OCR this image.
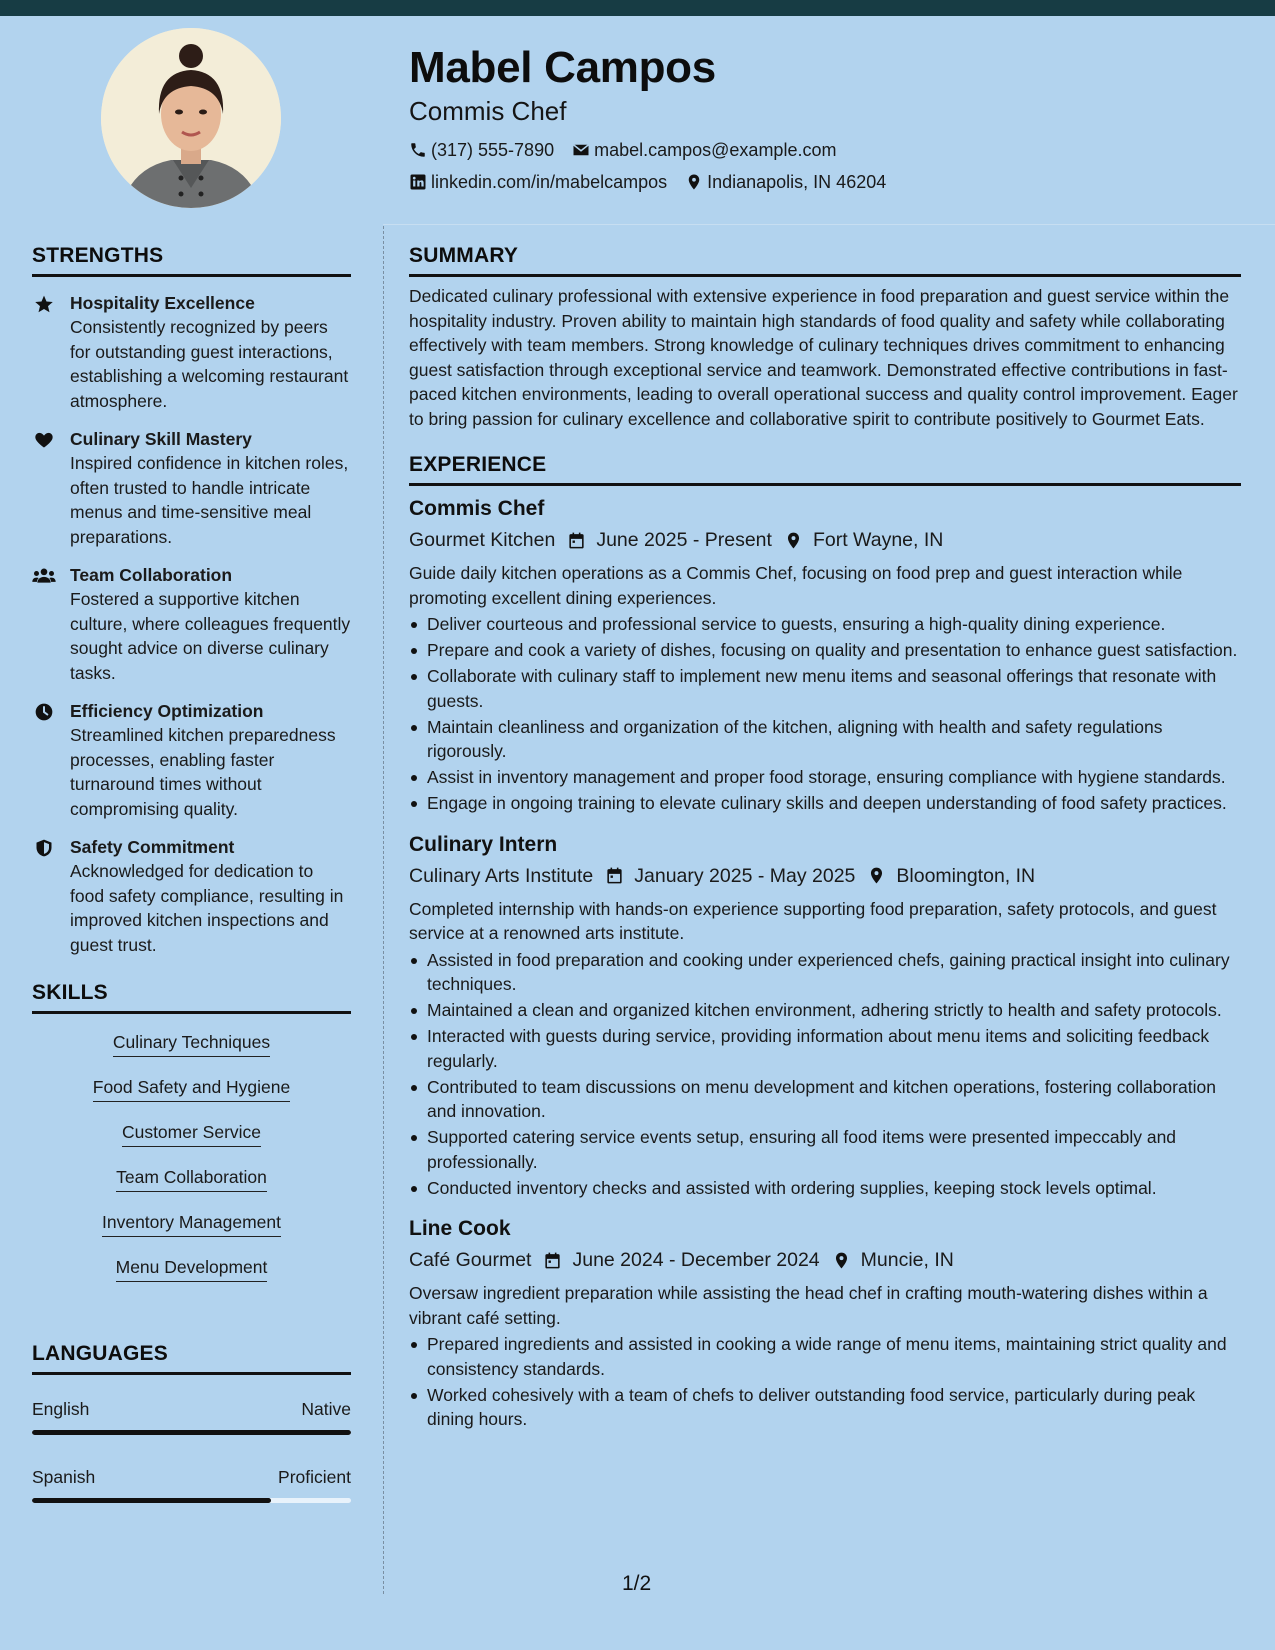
Mabel Campos
Commis Chef
(317) 555-7890 mabel.campos@example.com
linkedin.com/in/mabelcampos Indianapolis, IN 46204
STRENGTHS
Hospitality Excellence
Consistently recognized by peers for outstanding guest interactions, establishing a welcoming restaurant atmosphere.
Culinary Skill Mastery
Inspired confidence in kitchen roles, often trusted to handle intricate menus and time-sensitive meal preparations.
Team Collaboration
Fostered a supportive kitchen culture, where colleagues frequently sought advice on diverse culinary tasks.
Efficiency Optimization
Streamlined kitchen preparedness processes, enabling faster turnaround times without compromising quality.
Safety Commitment
Acknowledged for dedication to food safety compliance, resulting in improved kitchen inspections and guest trust.
SKILLS
Culinary Techniques
Food Safety and Hygiene
Customer Service
Team Collaboration
Inventory Management
Menu Development
LANGUAGES
English	Native
Spanish	Proficient
SUMMARY

Dedicated culinary professional with extensive experience in food preparation and guest service within the hospitality industry. Proven ability to maintain high standards of food quality and safety while collaborating effectively with team members. Strong knowledge of culinary techniques drives commitment to enhancing guest satisfaction through exceptional service and teamwork. Demonstrated effective contributions in fast-paced kitchen environments, leading to overall operational success and quality control improvement. Eager to bring passion for culinary excellence and collaborative spirit to contribute positively to Gourmet Eats.

EXPERIENCE
Commis Chef
Gourmet Kitchen June 2025 - Present Fort Wayne, IN
Guide daily kitchen operations as a Commis Chef, focusing on food prep and guest interaction while promoting excellent dining experiences.
Deliver courteous and professional service to guests, ensuring a high-quality dining experience.
Prepare and cook a variety of dishes, focusing on quality and presentation to enhance guest satisfaction.
Collaborate with culinary staff to implement new menu items and seasonal offerings that resonate with guests.
Maintain cleanliness and organization of the kitchen, aligning with health and safety regulations rigorously.
Assist in inventory management and proper food storage, ensuring compliance with hygiene standards.
Engage in ongoing training to elevate culinary skills and deepen understanding of food safety practices.
Culinary Intern
Culinary Arts Institute January 2025 - May 2025 Bloomington, IN
Completed internship with hands-on experience supporting food preparation, safety protocols, and guest service at a renowned arts institute.
Assisted in food preparation and cooking under experienced chefs, gaining practical insight into culinary techniques.
Maintained a clean and organized kitchen environment, adhering strictly to health and safety protocols.
Interacted with guests during service, providing information about menu items and soliciting feedback regularly.
Contributed to team discussions on menu development and kitchen operations, fostering collaboration and innovation.
Supported catering service events setup, ensuring all food items were presented impeccably and professionally.
Conducted inventory checks and assisted with ordering supplies, keeping stock levels optimal.
Line Cook
Café Gourmet June 2024 - December 2024 Muncie, IN
Oversaw ingredient preparation while assisting the head chef in crafting mouth-watering dishes within a vibrant café setting.
Prepared ingredients and assisted in cooking a wide range of menu items, maintaining strict quality and consistency standards.
Worked cohesively with a team of chefs to deliver outstanding food service, particularly during peak dining hours.
1/2
